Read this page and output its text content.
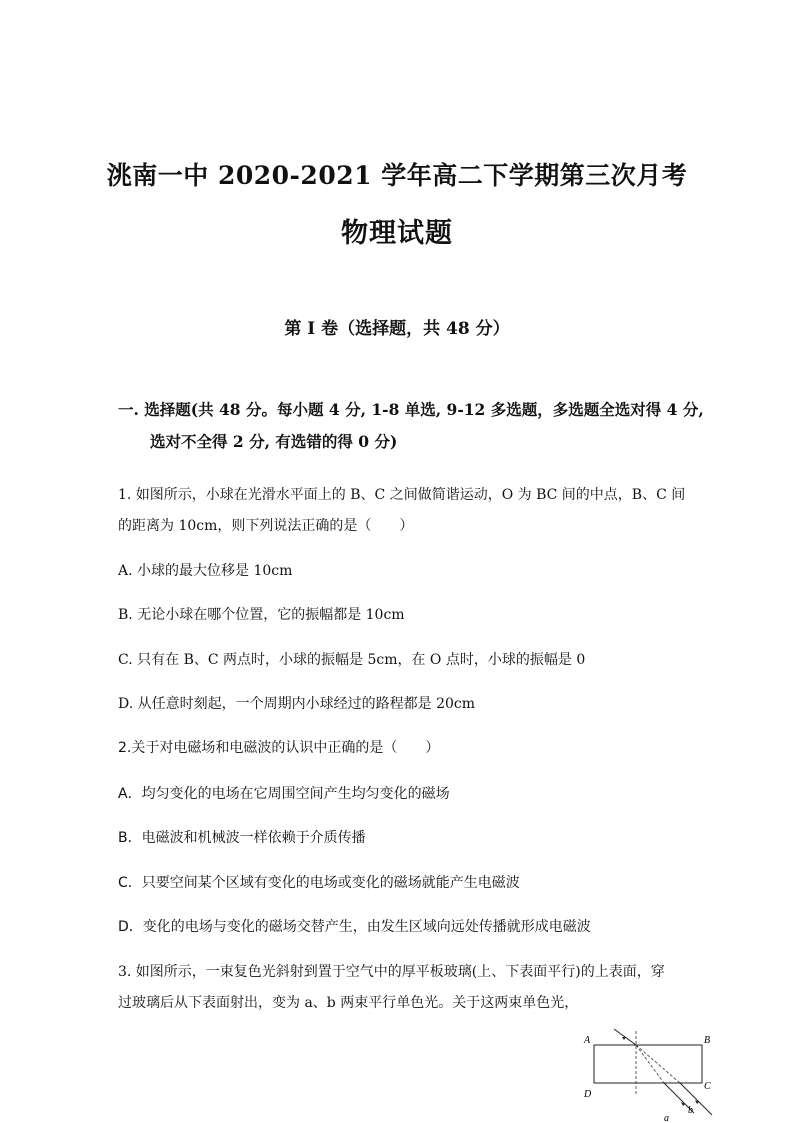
洮南一中 2020-2021 学年高二下学期第三次月考
物理试题
第 I 卷（选择题，共 48 分）
一. 选择题(共 48 分。每小题 4 分, 1-8 单选, 9-12 多选题，多选题全选对得 4 分,
选对不全得 2 分, 有选错的得 0 分)
1. 如图所示，小球在光滑水平面上的 B、C 之间做简谐运动，O 为 BC 间的中点，B、C 间
的距离为 10cm，则下列说法正确的是（　　）
A. 小球的最大位移是 10cm
B. 无论小球在哪个位置，它的振幅都是 10cm
C. 只有在 B、C 两点时，小球的振幅是 5cm，在 O 点时，小球的振幅是 0
D. 从任意时刻起，一个周期内小球经过的路程都是 20cm
2.关于对电磁场和电磁波的认识中正确的是（　　）
A．均匀变化的电场在它周围空间产生均匀变化的磁场
B．电磁波和机械波一样依赖于介质传播
C．只要空间某个区域有变化的电场或变化的磁场就能产生电磁波
D．变化的电场与变化的磁场交替产生，由发生区域向远处传播就形成电磁波
3. 如图所示，一束复色光斜射到置于空气中的厚平板玻璃(上、下表面平行)的上表面，穿
过玻璃后从下表面射出，变为 a、b 两束平行单色光。关于这两束单色光，
A	B
C
D
a
b
